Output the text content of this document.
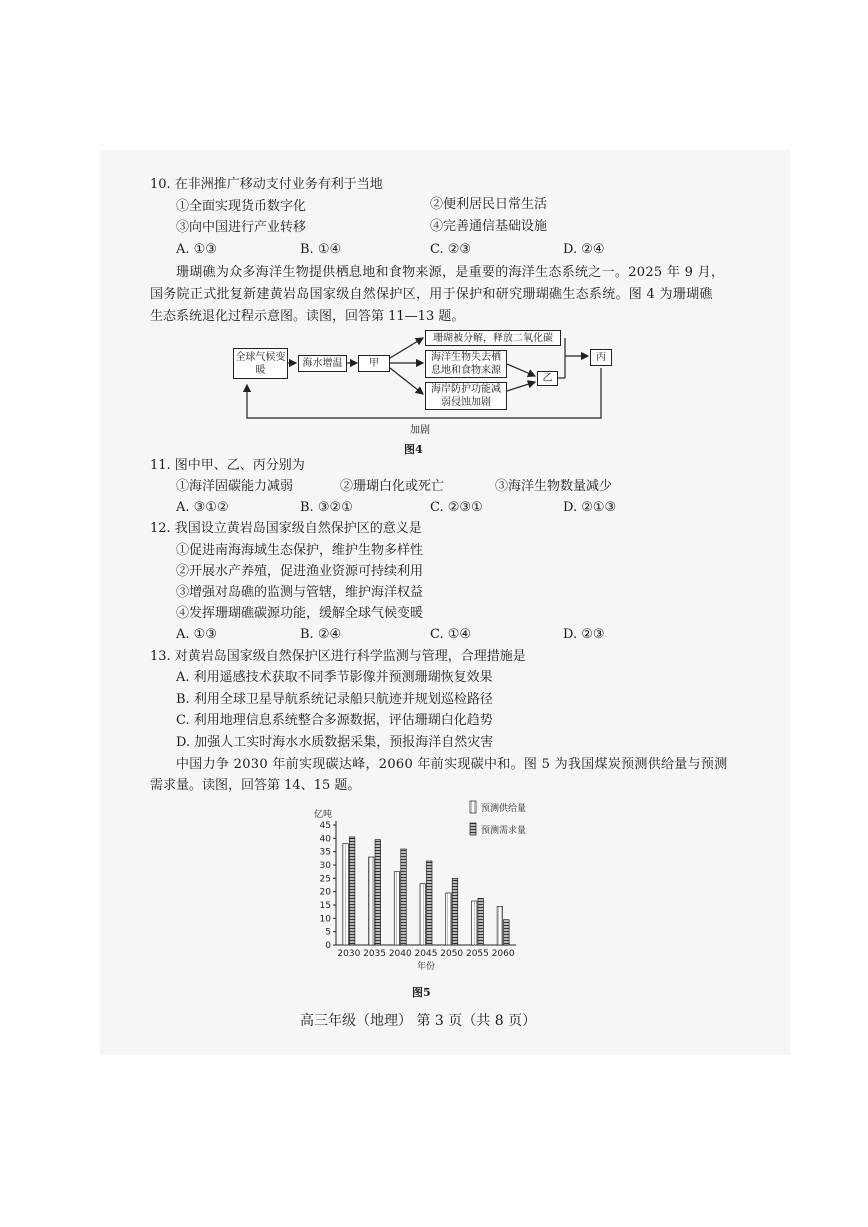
10. 在非洲推广移动支付业务有利于当地
①全面实现货币数字化	②便利居民日常生活
③向中国进行产业转移	④完善通信基础设施
A. ①③	B. ①④	C. ②③	D. ②④
珊瑚礁为众多海洋生物提供栖息地和食物来源，是重要的海洋生态系统之一。2025 年 9 月，
国务院正式批复新建黄岩岛国家级自然保护区，用于保护和研究珊瑚礁生态系统。图 4 为珊瑚礁
生态系统退化过程示意图。读图，回答第 11—13 题。
全球气候变暖
海水增温	甲
珊瑚被分解，释放二氧化碳
海洋生物失去栖息地和食物来源
海岸防护功能减弱侵蚀加剧
乙
丙
加剧
图4
11. 图中甲、乙、丙分别为
①海洋固碳能力减弱	②珊瑚白化或死亡	③海洋生物数量减少
A. ③①②	B. ③②①	C. ②③①	D. ②①③
12. 我国设立黄岩岛国家级自然保护区的意义是
①促进南海海域生态保护，维护生物多样性
②开展水产养殖，促进渔业资源可持续利用
③增强对岛礁的监测与管辖，维护海洋权益
④发挥珊瑚礁碳源功能，缓解全球气候变暖
A. ①③	B. ②④	C. ①④	D. ②③
13. 对黄岩岛国家级自然保护区进行科学监测与管理，合理措施是
A. 利用遥感技术获取不同季节影像并预测珊瑚恢复效果
B. 利用全球卫星导航系统记录船只航迹并规划巡检路径
C. 利用地理信息系统整合多源数据，评估珊瑚白化趋势
D. 加强人工实时海水水质数据采集，预报海洋自然灾害
中国力争 2030 年前实现碳达峰，2060 年前实现碳中和。图 5 为我国煤炭预测供给量与预测
需求量。读图，回答第 14、15 题。
0
5
10
15
20
25
30
35
40
45
亿吨
2030 2035 2040 2045 2050 2055 2060
年份
预测供给量
预测需求量
图5
高三年级（地理） 第 3 页（共 8 页）
